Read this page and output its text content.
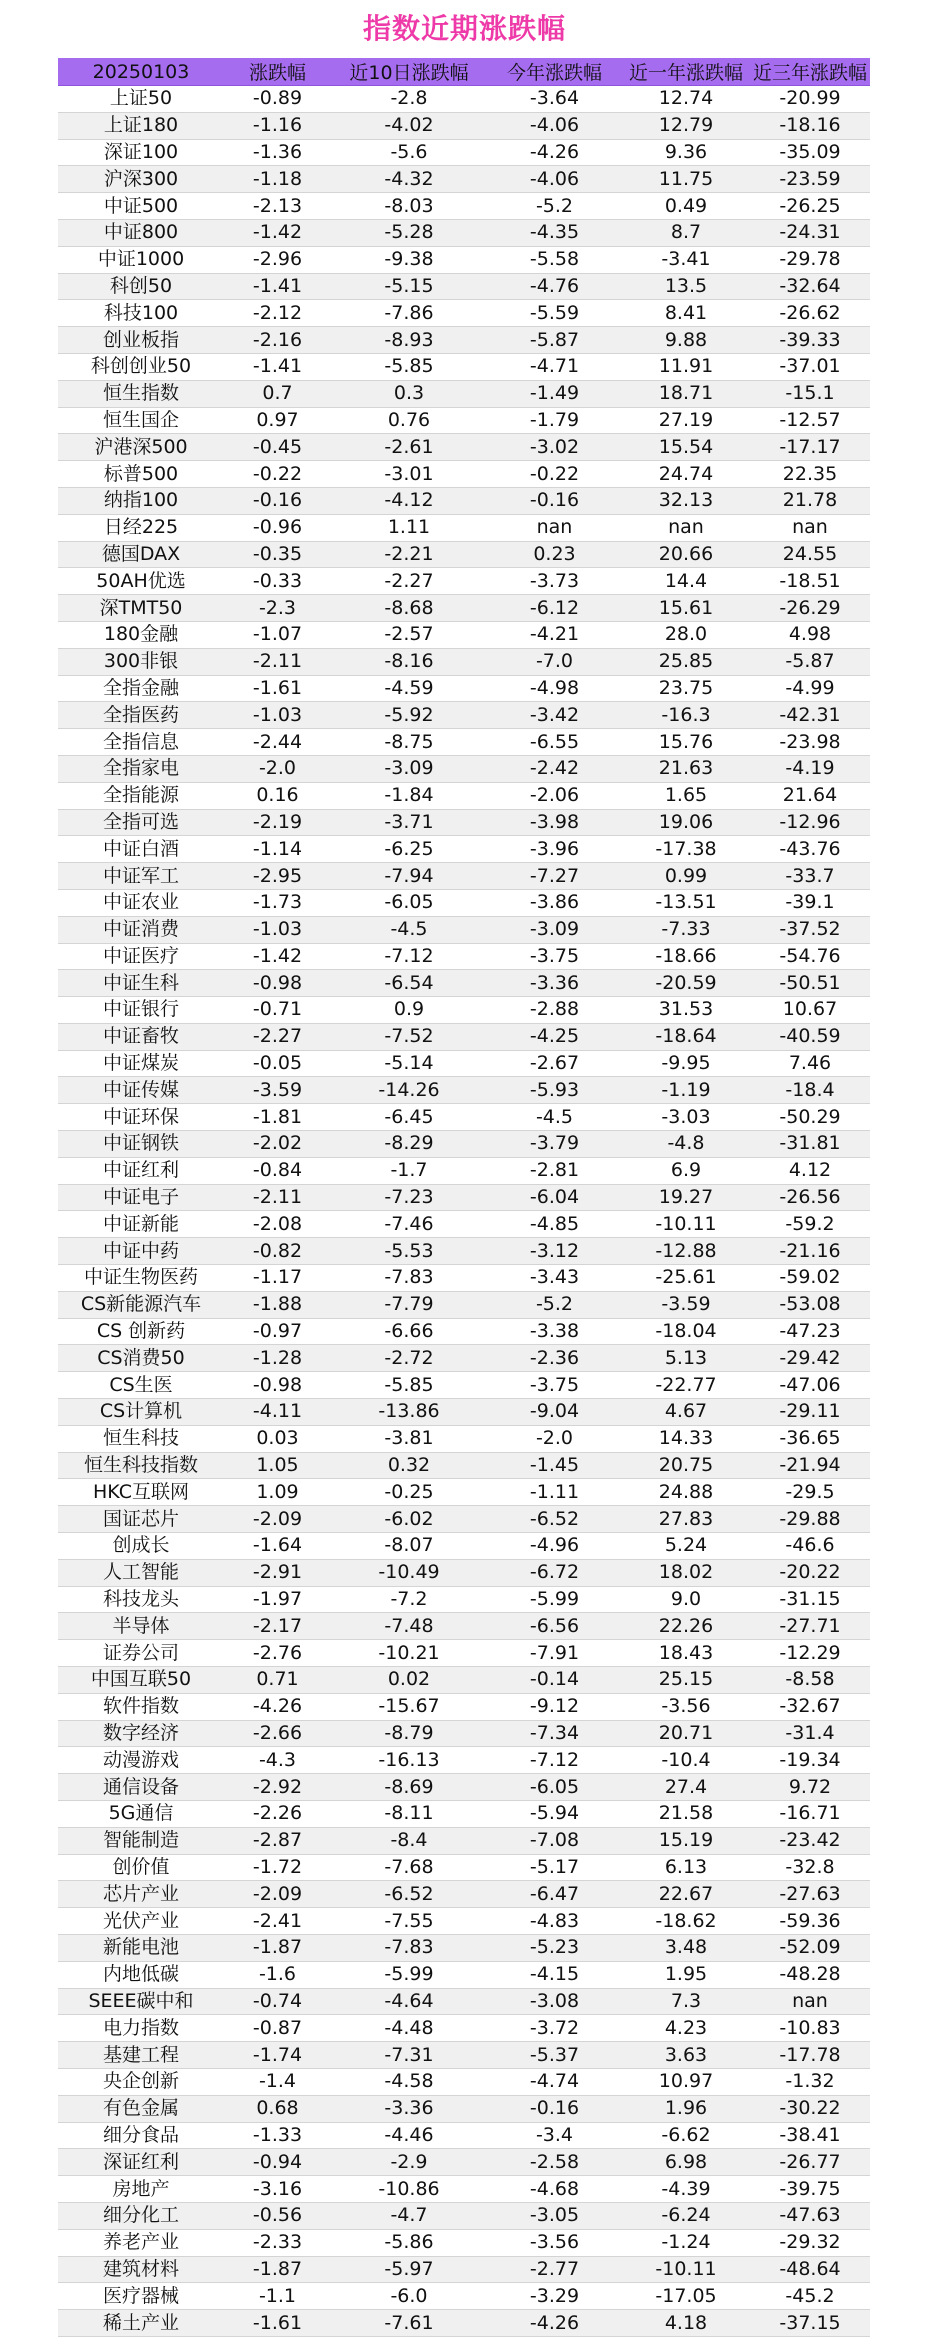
指数近期涨跌幅
20250103	涨跌幅	近10日涨跌幅	今年涨跌幅	近一年涨跌幅	近三年涨跌幅
上证50	-0.89	-2.8	-3.64	12.74	-20.99
上证180	-1.16	-4.02	-4.06	12.79	-18.16
深证100	-1.36	-5.6	-4.26	9.36	-35.09
沪深300	-1.18	-4.32	-4.06	11.75	-23.59
中证500	-2.13	-8.03	-5.2	0.49	-26.25
中证800	-1.42	-5.28	-4.35	8.7	-24.31
中证1000	-2.96	-9.38	-5.58	-3.41	-29.78
科创50	-1.41	-5.15	-4.76	13.5	-32.64
科技100	-2.12	-7.86	-5.59	8.41	-26.62
创业板指	-2.16	-8.93	-5.87	9.88	-39.33
科创创业50	-1.41	-5.85	-4.71	11.91	-37.01
恒生指数	0.7	0.3	-1.49	18.71	-15.1
恒生国企	0.97	0.76	-1.79	27.19	-12.57
沪港深500	-0.45	-2.61	-3.02	15.54	-17.17
标普500	-0.22	-3.01	-0.22	24.74	22.35
纳指100	-0.16	-4.12	-0.16	32.13	21.78
日经225	-0.96	1.11	nan	nan	nan
德国DAX	-0.35	-2.21	0.23	20.66	24.55
50AH优选	-0.33	-2.27	-3.73	14.4	-18.51
深TMT50	-2.3	-8.68	-6.12	15.61	-26.29
180金融	-1.07	-2.57	-4.21	28.0	4.98
300非银	-2.11	-8.16	-7.0	25.85	-5.87
全指金融	-1.61	-4.59	-4.98	23.75	-4.99
全指医药	-1.03	-5.92	-3.42	-16.3	-42.31
全指信息	-2.44	-8.75	-6.55	15.76	-23.98
全指家电	-2.0	-3.09	-2.42	21.63	-4.19
全指能源	0.16	-1.84	-2.06	1.65	21.64
全指可选	-2.19	-3.71	-3.98	19.06	-12.96
中证白酒	-1.14	-6.25	-3.96	-17.38	-43.76
中证军工	-2.95	-7.94	-7.27	0.99	-33.7
中证农业	-1.73	-6.05	-3.86	-13.51	-39.1
中证消费	-1.03	-4.5	-3.09	-7.33	-37.52
中证医疗	-1.42	-7.12	-3.75	-18.66	-54.76
中证生科	-0.98	-6.54	-3.36	-20.59	-50.51
中证银行	-0.71	0.9	-2.88	31.53	10.67
中证畜牧	-2.27	-7.52	-4.25	-18.64	-40.59
中证煤炭	-0.05	-5.14	-2.67	-9.95	7.46
中证传媒	-3.59	-14.26	-5.93	-1.19	-18.4
中证环保	-1.81	-6.45	-4.5	-3.03	-50.29
中证钢铁	-2.02	-8.29	-3.79	-4.8	-31.81
中证红利	-0.84	-1.7	-2.81	6.9	4.12
中证电子	-2.11	-7.23	-6.04	19.27	-26.56
中证新能	-2.08	-7.46	-4.85	-10.11	-59.2
中证中药	-0.82	-5.53	-3.12	-12.88	-21.16
中证生物医药	-1.17	-7.83	-3.43	-25.61	-59.02
CS新能源汽车	-1.88	-7.79	-5.2	-3.59	-53.08
CS 创新药	-0.97	-6.66	-3.38	-18.04	-47.23
CS消费50	-1.28	-2.72	-2.36	5.13	-29.42
CS生医	-0.98	-5.85	-3.75	-22.77	-47.06
CS计算机	-4.11	-13.86	-9.04	4.67	-29.11
恒生科技	0.03	-3.81	-2.0	14.33	-36.65
恒生科技指数	1.05	0.32	-1.45	20.75	-21.94
HKC互联网	1.09	-0.25	-1.11	24.88	-29.5
国证芯片	-2.09	-6.02	-6.52	27.83	-29.88
创成长	-1.64	-8.07	-4.96	5.24	-46.6
人工智能	-2.91	-10.49	-6.72	18.02	-20.22
科技龙头	-1.97	-7.2	-5.99	9.0	-31.15
半导体	-2.17	-7.48	-6.56	22.26	-27.71
证券公司	-2.76	-10.21	-7.91	18.43	-12.29
中国互联50	0.71	0.02	-0.14	25.15	-8.58
软件指数	-4.26	-15.67	-9.12	-3.56	-32.67
数字经济	-2.66	-8.79	-7.34	20.71	-31.4
动漫游戏	-4.3	-16.13	-7.12	-10.4	-19.34
通信设备	-2.92	-8.69	-6.05	27.4	9.72
5G通信	-2.26	-8.11	-5.94	21.58	-16.71
智能制造	-2.87	-8.4	-7.08	15.19	-23.42
创价值	-1.72	-7.68	-5.17	6.13	-32.8
芯片产业	-2.09	-6.52	-6.47	22.67	-27.63
光伏产业	-2.41	-7.55	-4.83	-18.62	-59.36
新能电池	-1.87	-7.83	-5.23	3.48	-52.09
内地低碳	-1.6	-5.99	-4.15	1.95	-48.28
SEEE碳中和	-0.74	-4.64	-3.08	7.3	nan
电力指数	-0.87	-4.48	-3.72	4.23	-10.83
基建工程	-1.74	-7.31	-5.37	3.63	-17.78
央企创新	-1.4	-4.58	-4.74	10.97	-1.32
有色金属	0.68	-3.36	-0.16	1.96	-30.22
细分食品	-1.33	-4.46	-3.4	-6.62	-38.41
深证红利	-0.94	-2.9	-2.58	6.98	-26.77
房地产	-3.16	-10.86	-4.68	-4.39	-39.75
细分化工	-0.56	-4.7	-3.05	-6.24	-47.63
养老产业	-2.33	-5.86	-3.56	-1.24	-29.32
建筑材料	-1.87	-5.97	-2.77	-10.11	-48.64
医疗器械	-1.1	-6.0	-3.29	-17.05	-45.2
稀土产业	-1.61	-7.61	-4.26	4.18	-37.15
